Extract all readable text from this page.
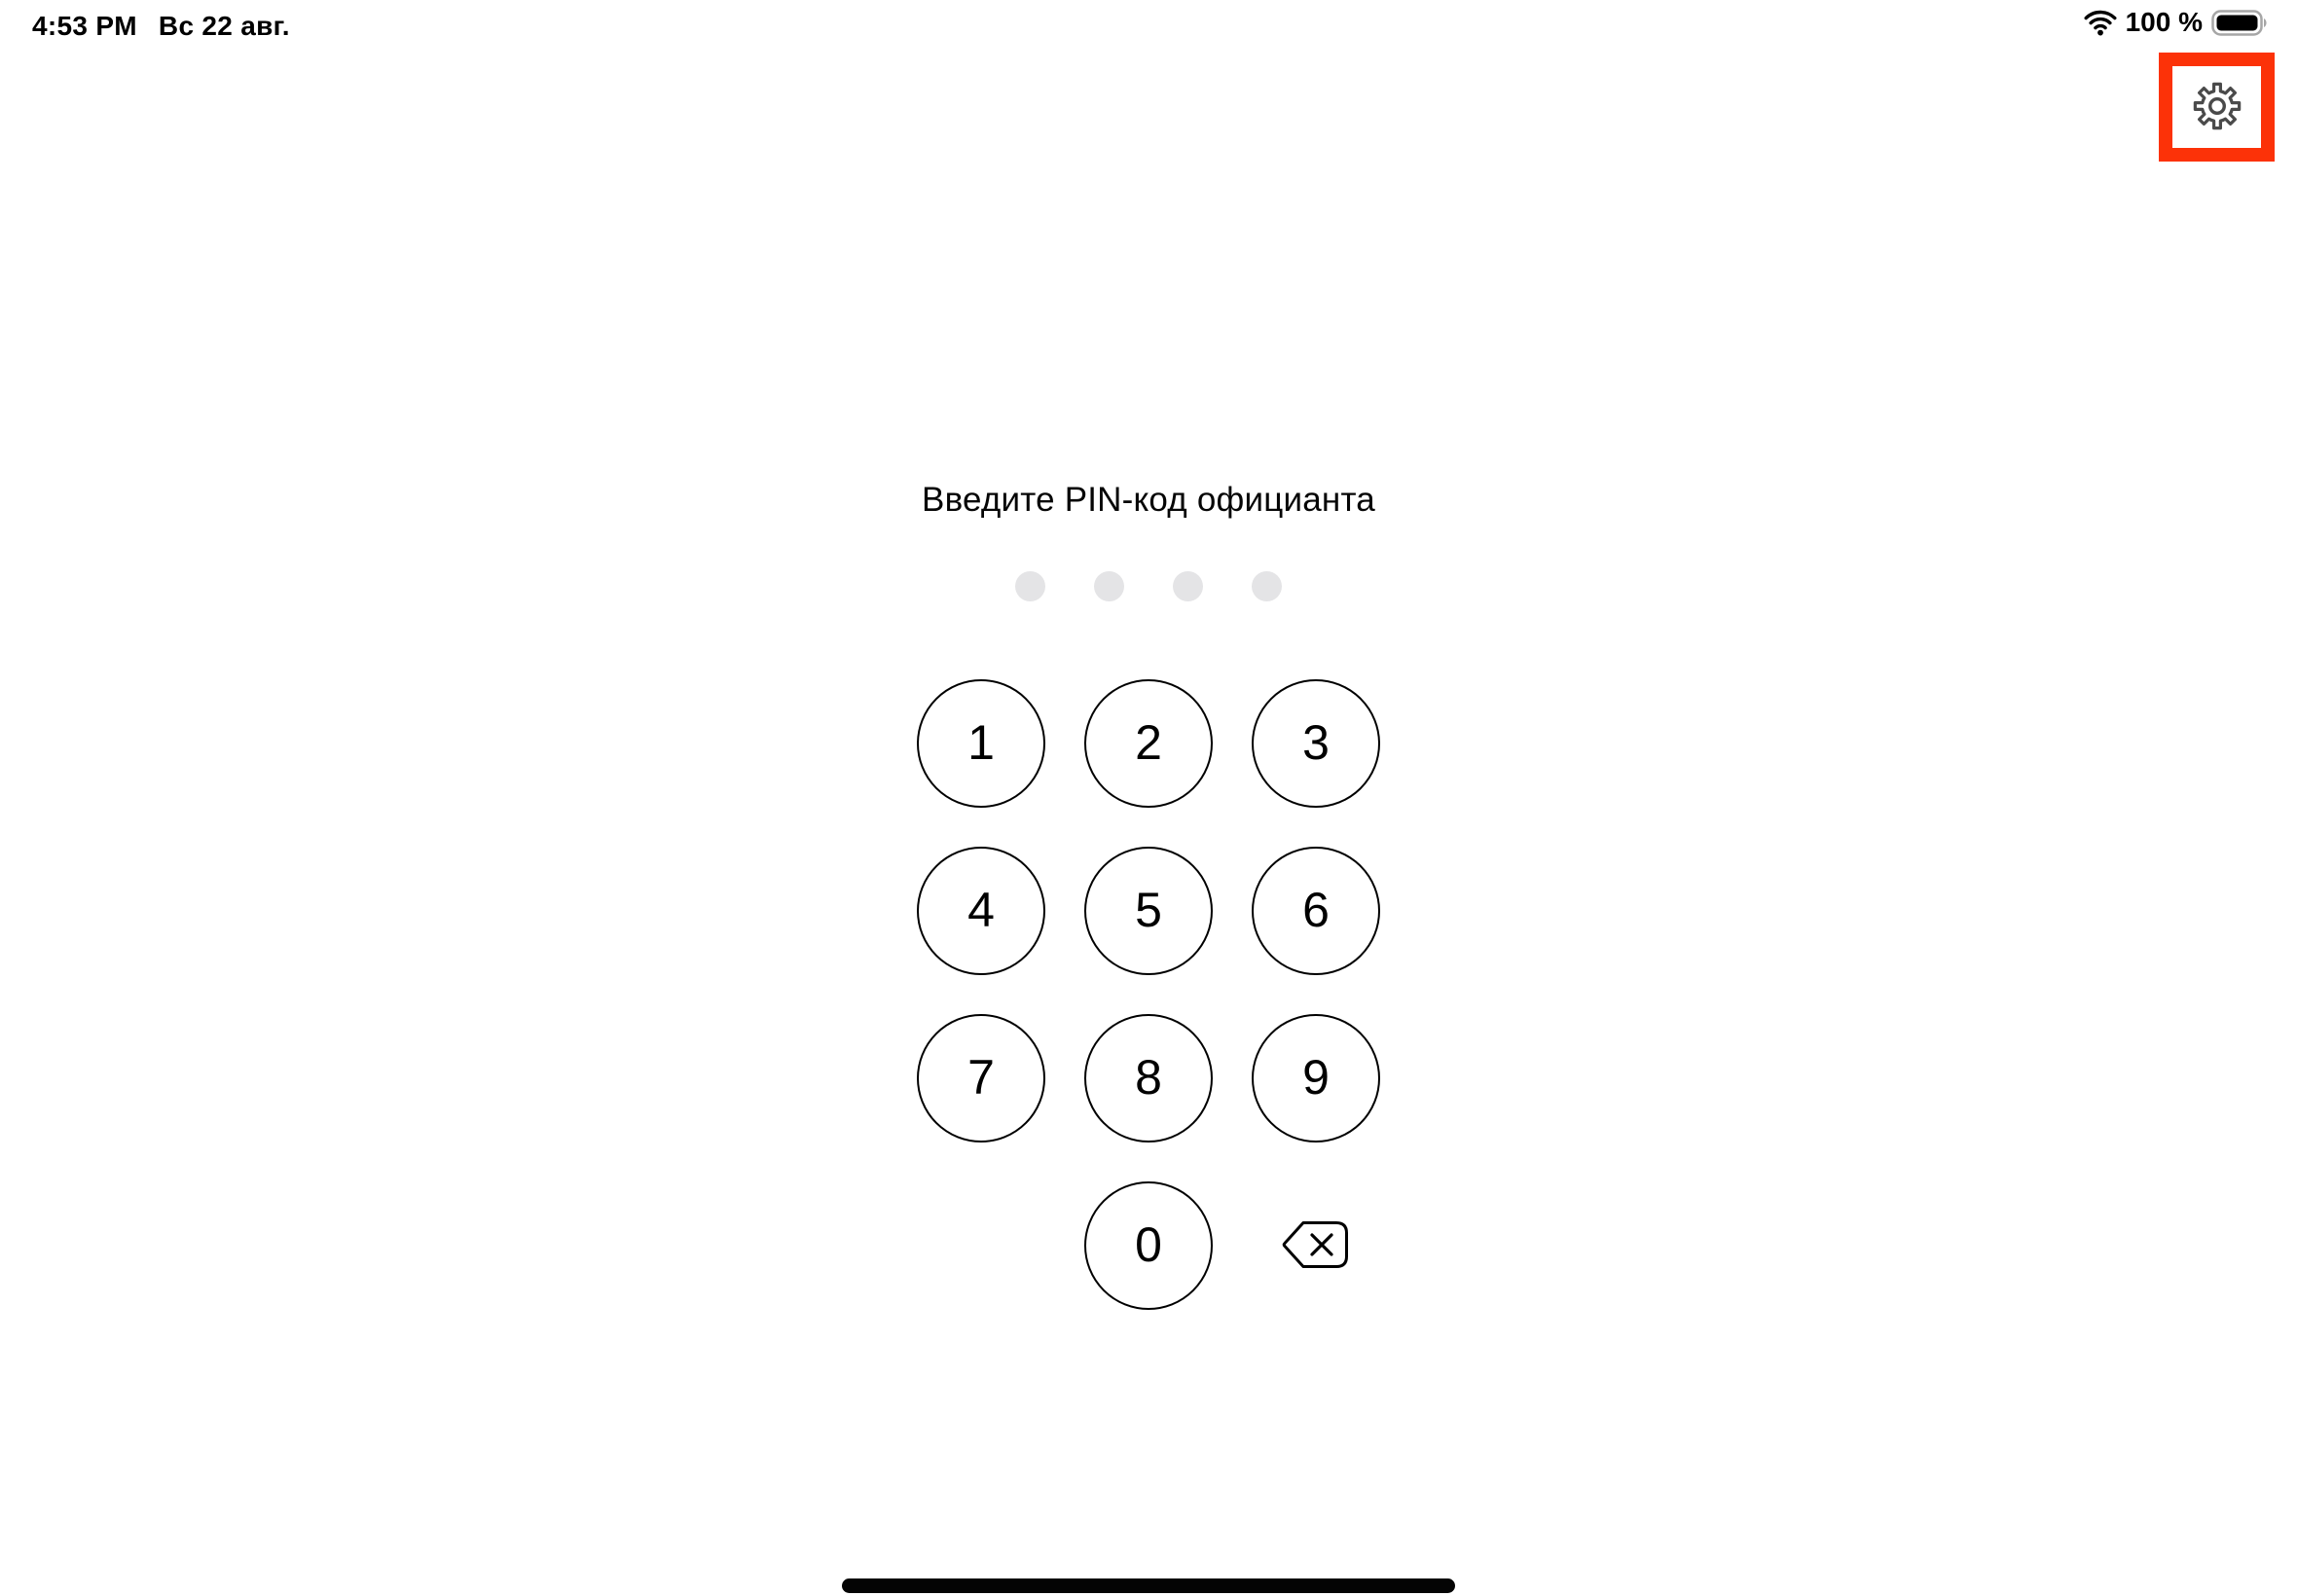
4:53 PM Вс 22 авг.	100 %
Введите PIN-код официанта
1	2	3
4	5	6
7	8	9
0
